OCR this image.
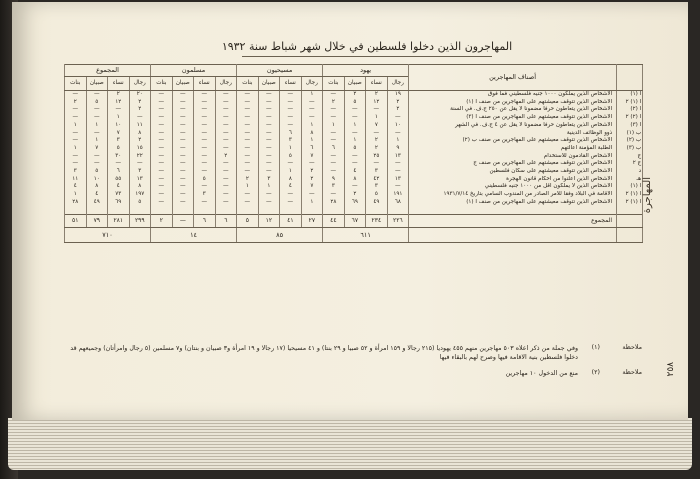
المهاجرون الذين دخلوا فلسطين في خلال شهر شباط سنة ١٩٣٢
	أصناف المهاجرين	يهود				مسيحيون				مسلمون				المجموع			
		رجال	نساء	صبيان	بنات	رجال	نساء	صبيان	بنات	رجال	نساء	صبيان	بنات	رجال	نساء	صبيان	بنات
أ (١)	الاشخاص الذين يملكون ١٠٠٠ جنيه فلسطيني فما فوق	١٩	٢	٢	—	١	—	—	—	—	—	—	—	٢٠	٢	—	—
أ (١) ٢	الاشخاص الذين تتوقف معيشتهم على المهاجرين من صنف أ (١)	٢	١٢	٥	٢	—	—	—	—	—	—	—	—	٢	١٢	٥	٢
أ (٢)	الاشخاص الذين يتعاطون حرفا مضمونا لا يقل عن ٢٥٠ ج.ف. في السنة	٢	—	—	—	—	—	—	—	—	—	—	—	٢	—	—	—
أ (٢) ٢	الاشخاص الذين تتوقف معيشتهم على المهاجرين من صنف أ (٣)	—	١	—	—	—	—	—	—	—	—	—	—	—	١	—	—
أ (٣)	الاشخاص الذين يتعاطون حرفا مضمونا لا يقل عن ٤ ج.ف. في الشهر	١٠	٧	١	١	١	—	—	—	—	—	—	—	١١	١٠	١	١
ب (١)	ذوو الوظائف الدينية	—	—	—	—	٨	٦	—	—	—	—	—	—	٨	٧	—	—
ب (٢)	الاشخاص الذين تتوقف معيشتهم على المهاجرين من صنف ب (٢)	١	٢	١	—	١	٣	—	—	—	—	—	—	٢	٣	١	—
ب (٣)	الطلبة المؤمنة اعالتهم	٩	٢	٥	٦	٦	١	—	—	—	—	—	—	١٥	٥	٧	١
ج	الاشخاص القادمون للاستخدام	١٣	٢٥	—	—	٧	٥	—	—	٢	—	—	—	٢٢	٣٠	—	—
ج ٢	الاشخاص الذين تتوقف معيشتهم على المهاجرين من صنف ج	—	—	—	—	—	—	—	—	—	—	—	—	—	—	—	—
د	الاشخاص الذين تتوقف معيشتهم على سكان فلسطين	—	٣	٤	—	٢	١	—	—	—	—	—	—	٣	٦	٥	٣
هـ	الاشخاص الذين أعلنوا من احكام قانون الهجرة	١٣	٤٢	٨	٩	٢	٨	٣	٢	—	٥	—	—	١٣	٥٥	١٠	١١
أ (١)	الاشخاص الذين لا يملكون أقل من ١٠٠٠ جنيه فلسطيني	—	٣	—	٣	٧	٤	١	١	—	—	—	—	٨	٤	٨	٤
أ (١) ٢	الاقامة في البلاد وفقا للأمر الصادر من المندوب السامي بتاريخ ١٩٣١/٧/١٤	١٩١	٥	٢	—	—	—	—	—	—	٣	—	—	١٩٧	٧٣	٤	١
أ (١) ٢	الاشخاص الذين تتوقف معيشتهم على المهاجرين من صنف أ (١)	٦٨	٤٩	٦٩	٢٨	١	—	—	—	—	—	—	—	٥	٦٩	٤٩	٢٨

	المجموع	٢٢٦	٢٣٤	٦٧	٤٤	٢٧	٤١	١٢	٥	٦	٦	—	٢	٢٩٩	٢٨١	٧٩	٥١
		٦١١				٨٥				١٤				٧١٠			
ملاحظة
(١)
وفي جملة من ذكر اعلاه ٥٠٣ مهاجرين منهم ٤٥٥ يهوديا (٢١٥ رجالا و ١٥٩ امرأة و ٥٢ صبيا و ٢٩ بنتا) و ٤١ مسيحيا (١٧ رجالا و ١٩ امرأة و٣ صبيان و بنتان) و٧ مسلمين (٥ رجال وامرأتان) وجميعهم قد دخلوا فلسطين بنية الاقامة فيها وصرح لهم بالبقاء فيها
ملاحظة
(٢)
منع من الدخول ١٠ مهاجرين
المهاجرة
٢٥٨
